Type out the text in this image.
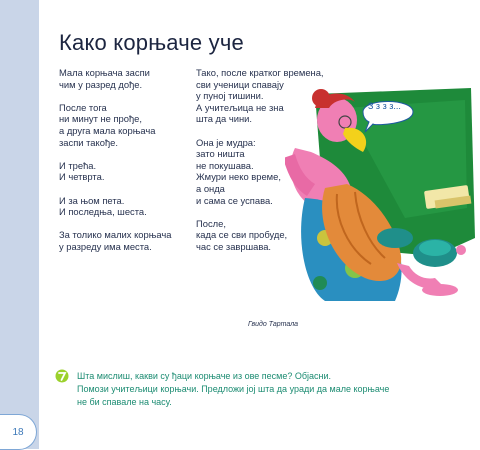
18
Како корњаче уче
Мала корњача заспи
чим у разред дође.
После тога
ни минут не прође,
а друга мала корњача
заспи такође.
И трећа.
И четврта.
И за њом пета.
И последња, шеста.
За толико малих корњача
у разреду има места.
Тако, после кратког времена,
сви ученици спавају
у пуној тишини.
А учитељица не зна
шта да чини.
Она је мудра:
зато ништа
не покушава.
Жмури неко време,
а онда
и сама се успава.
После,
када се сви пробуде,
час се завршава.
Гвидо Тартала
З з з з...
Шта мислиш, какви су ђаци корњаче из ове песме? Објасни.
Помози учитељици корњачи. Предложи јој шта да уради да мале корњаче
не би спавале на часу.
